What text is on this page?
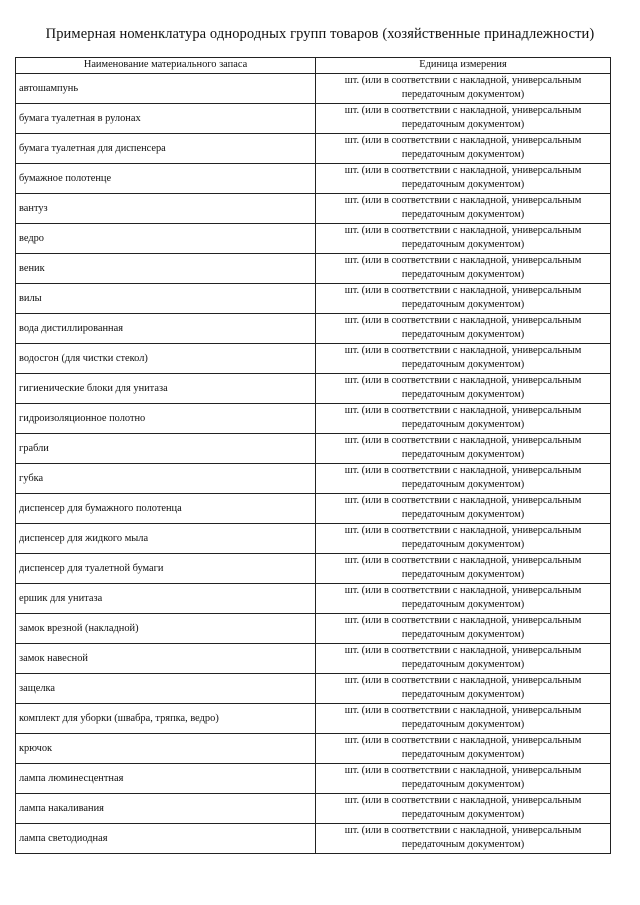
Примерная номенклатура однородных групп товаров (хозяйственные принадлежности)
Наименование материального запаса	Единица измерения
автошампунь	шт. (или в соответствии с накладной, универсальным передаточным документом)
бумага туалетная в рулонах	шт. (или в соответствии с накладной, универсальным передаточным документом)
бумага туалетная для диспенсера	шт. (или в соответствии с накладной, универсальным передаточным документом)
бумажное полотенце	шт. (или в соответствии с накладной, универсальным передаточным документом)
вантуз	шт. (или в соответствии с накладной, универсальным передаточным документом)
ведро	шт. (или в соответствии с накладной, универсальным передаточным документом)
веник	шт. (или в соответствии с накладной, универсальным передаточным документом)
вилы	шт. (или в соответствии с накладной, универсальным передаточным документом)
вода дистиллированная	шт. (или в соответствии с накладной, универсальным передаточным документом)
водосгон (для чистки стекол)	шт. (или в соответствии с накладной, универсальным передаточным документом)
гигиенические блоки для унитаза	шт. (или в соответствии с накладной, универсальным передаточным документом)
гидроизоляционное полотно	шт. (или в соответствии с накладной, универсальным передаточным документом)
грабли	шт. (или в соответствии с накладной, универсальным передаточным документом)
губка	шт. (или в соответствии с накладной, универсальным передаточным документом)
диспенсер для бумажного полотенца	шт. (или в соответствии с накладной, универсальным передаточным документом)
диспенсер для жидкого мыла	шт. (или в соответствии с накладной, универсальным передаточным документом)
диспенсер для туалетной бумаги	шт. (или в соответствии с накладной, универсальным передаточным документом)
ершик для унитаза	шт. (или в соответствии с накладной, универсальным передаточным документом)
замок врезной (накладной)	шт. (или в соответствии с накладной, универсальным передаточным документом)
замок навесной	шт. (или в соответствии с накладной, универсальным передаточным документом)
защелка	шт. (или в соответствии с накладной, универсальным передаточным документом)
комплект для уборки (швабра, тряпка, ведро)	шт. (или в соответствии с накладной, универсальным передаточным документом)
крючок	шт. (или в соответствии с накладной, универсальным передаточным документом)
лампа люминесцентная	шт. (или в соответствии с накладной, универсальным передаточным документом)
лампа накаливания	шт. (или в соответствии с накладной, универсальным передаточным документом)
лампа светодиодная	шт. (или в соответствии с накладной, универсальным передаточным документом)
